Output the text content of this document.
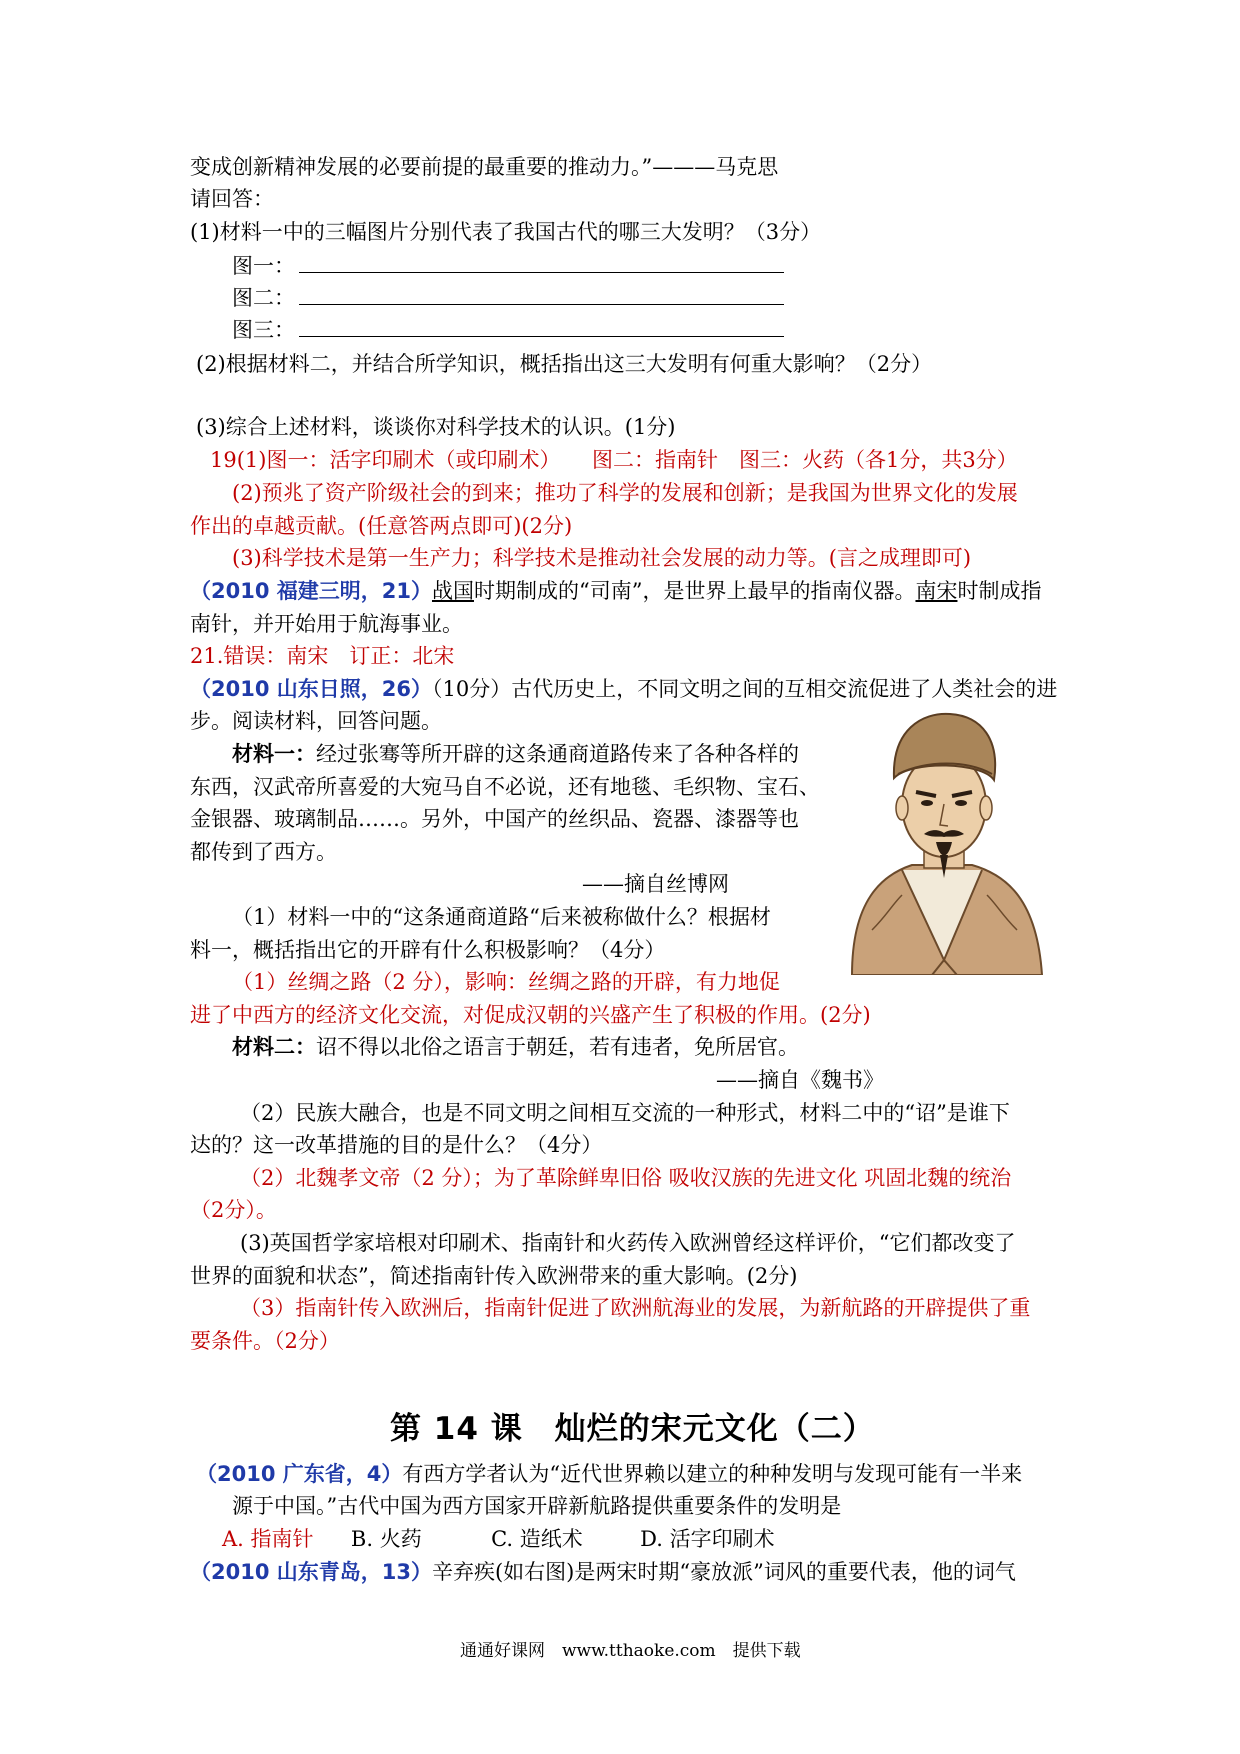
变成创新精神发展的必要前提的最重要的推动力。”———马克思
请回答：
(1)材料一中的三幅图片分别代表了我国古代的哪三大发明？（3分）
图一：
图二：
图三：
(2)根据材料二，并结合所学知识，概括指出这三大发明有何重大影响？（2分）
(3)综合上述材料，谈谈你对科学技术的认识。(1分)
19(1)图一：活字印刷术（或印刷术）　　图二：指南针　图三：火药（各1分，共3分）
(2)预兆了资产阶级社会的到来；推功了科学的发展和创新；是我国为世界文化的发展
作出的卓越贡献。(任意答两点即可)(2分)
(3)科学技术是第一生产力；科学技术是推动社会发展的动力等。(言之成理即可)
（2010 福建三明，21）战国时期制成的“司南”，是世界上最早的指南仪器。南宋时制成指
南针，并开始用于航海事业。
21.错误：南宋　订正：北宋
（2010 山东日照，26）（10分）古代历史上，不同文明之间的互相交流促进了人类社会的进
步。阅读材料，回答问题。
材料一：经过张骞等所开辟的这条通商道路传来了各种各样的
东西，汉武帝所喜爱的大宛马自不必说，还有地毯、毛织物、宝石、
金银器、玻璃制品……。另外，中国产的丝织品、瓷器、漆器等也
都传到了西方。
——摘自丝博网
（1）材料一中的“这条通商道路“后来被称做什么？根据材
料一，概括指出它的开辟有什么积极影响？（4分）
（1）丝绸之路（2 分），影响：丝绸之路的开辟，有力地促
进了中西方的经济文化交流，对促成汉朝的兴盛产生了积极的作用。(2分)
材料二：诏不得以北俗之语言于朝廷，若有违者，免所居官。
——摘自《魏书》
（2）民族大融合，也是不同文明之间相互交流的一种形式，材料二中的“诏”是谁下
达的？这一改革措施的目的是什么？（4分）
（2）北魏孝文帝（2 分）；为了革除鲜卑旧俗 吸收汉族的先进文化 巩固北魏的统治
（2分）。
(3)英国哲学家培根对印刷术、指南针和火药传入欧洲曾经这样评价，“它们都改变了
世界的面貌和状态”，简述指南针传入欧洲带来的重大影响。(2分)
（3）指南针传入欧洲后，指南针促进了欧洲航海业的发展，为新航路的开辟提供了重
要条件。（2分）
第 14 课　灿烂的宋元文化（二）
（2010 广东省，4）有西方学者认为“近代世界赖以建立的种种发明与发现可能有一半来
源于中国。”古代中国为西方国家开辟新航路提供重要条件的发明是
A. 指南针 B. 火药	C. 造纸术	D. 活字印刷术
（2010 山东青岛，13）辛弃疾(如右图)是两宋时期“豪放派”词风的重要代表，他的词气
通通好课网　www.tthaoke.com　提供下载
